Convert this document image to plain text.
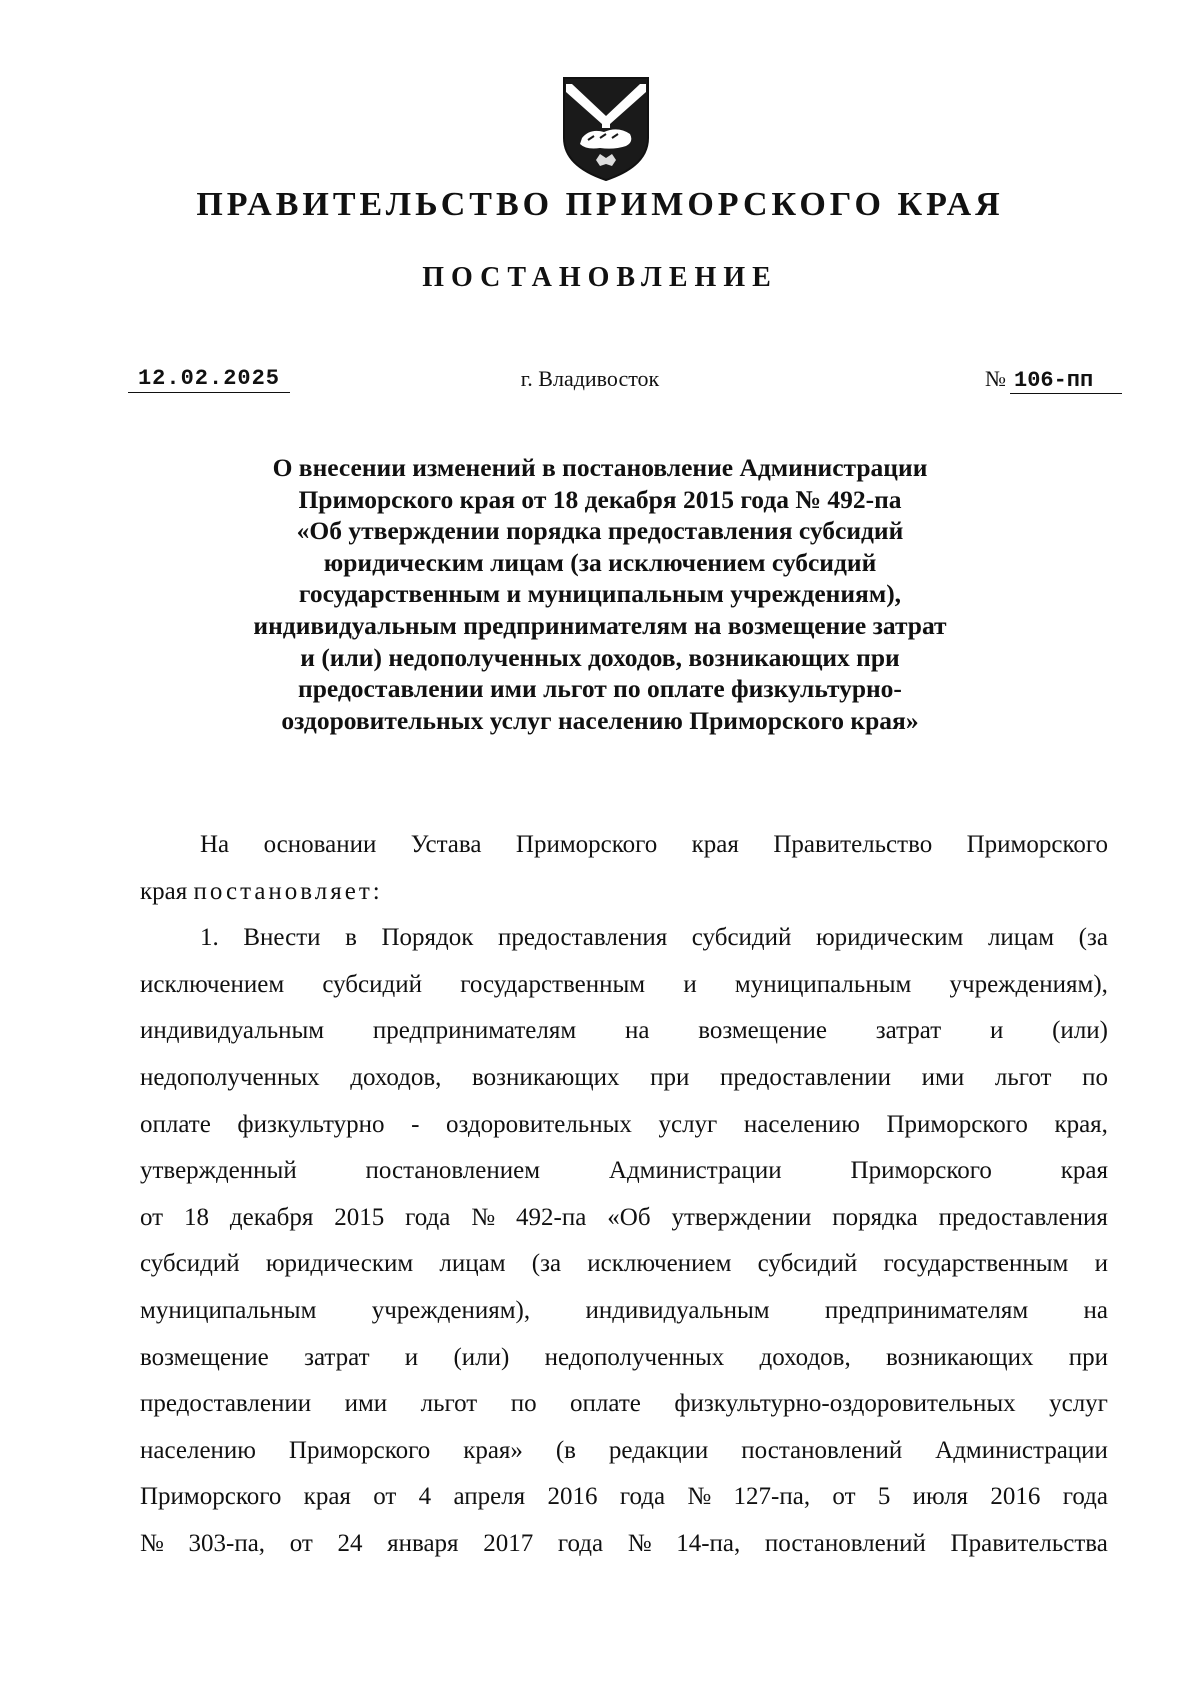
ПРАВИТЕЛЬСТВО ПРИМОРСКОГО КРАЯ
ПОСТАНОВЛЕНИЕ
12.02.2025	г. Владивосток	№ 106-пп
О внесении изменений в постановление Администрации
Приморского края от 18 декабря 2015 года № 492-па
«Об утверждении порядка предоставления субсидий
юридическим лицам (за исключением субсидий
государственным и муниципальным учреждениям),
индивидуальным предпринимателям на возмещение затрат
и (или) недополученных доходов, возникающих при
предоставлении ими льгот по оплате физкультурно-
оздоровительных услуг населению Приморского края»
На основании Устава Приморского края Правительство Приморского
края постановляет:
1. Внести в Порядок предоставления субсидий юридическим лицам (за
исключением субсидий государственным и муниципальным учреждениям),
индивидуальным предпринимателям на возмещение затрат и (или)
недополученных доходов, возникающих при предоставлении ими льгот по
оплате физкультурно - оздоровительных услуг населению Приморского края,
утвержденный	постановлением	Администрации	Приморского	края
от 18 декабря 2015 года № 492-па «Об утверждении порядка предоставления
субсидий юридическим лицам (за исключением субсидий государственным и
муниципальным учреждениям), индивидуальным предпринимателям на
возмещение затрат и (или) недополученных доходов, возникающих при
предоставлении ими льгот по оплате физкультурно-оздоровительных услуг
населению Приморского края» (в редакции постановлений Администрации
Приморского края от 4 апреля 2016 года № 127-па, от 5 июля 2016 года
№ 303-па, от 24 января 2017 года № 14-па, постановлений Правительства
